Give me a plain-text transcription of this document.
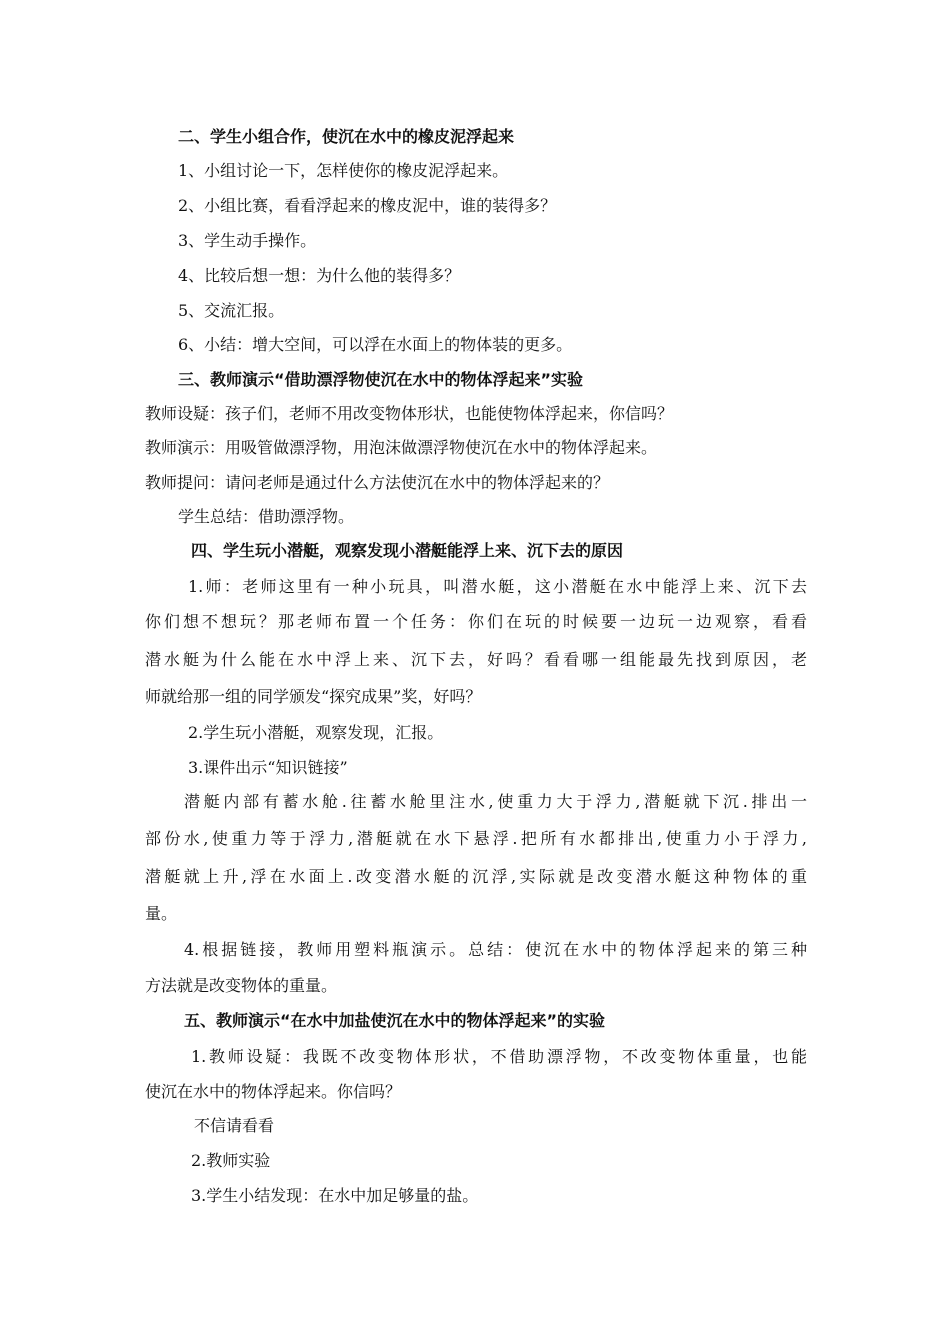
二、学生小组合作，使沉在水中的橡皮泥浮起来
1、小组讨论一下，怎样使你的橡皮泥浮起来。
2、小组比赛，看看浮起来的橡皮泥中，谁的装得多？
3、学生动手操作。
4、比较后想一想：为什么他的装得多？
5、交流汇报。
6、小结：增大空间，可以浮在水面上的物体装的更多。
三、教师演示“借助漂浮物使沉在水中的物体浮起来”实验
教师设疑：孩子们，老师不用改变物体形状，也能使物体浮起来，你信吗？
教师演示：用吸管做漂浮物，用泡沫做漂浮物使沉在水中的物体浮起来。
教师提问：请问老师是通过什么方法使沉在水中的物体浮起来的？
学生总结：借助漂浮物。
四、学生玩小潜艇，观察发现小潜艇能浮上来、沉下去的原因
1.师：老师这里有一种小玩具，叫潜水艇，这小潜艇在水中能浮上来、沉下去
你们想不想玩？那老师布置一个任务：你们在玩的时候要一边玩一边观察，看看
潜水艇为什么能在水中浮上来、沉下去，好吗？看看哪一组能最先找到原因，老
师就给那一组的同学颁发“探究成果”奖，好吗？
2.学生玩小潜艇，观察发现，汇报。
3.课件出示“知识链接”
潜艇内部有蓄水舱.往蓄水舱里注水,使重力大于浮力,潜艇就下沉.排出一
部份水,使重力等于浮力,潜艇就在水下悬浮.把所有水都排出,使重力小于浮力,
潜艇就上升,浮在水面上.改变潜水艇的沉浮,实际就是改变潜水艇这种物体的重
量。
4.根据链接，教师用塑料瓶演示。总结：使沉在水中的物体浮起来的第三种
方法就是改变物体的重量。
五、教师演示“在水中加盐使沉在水中的物体浮起来”的实验
1.教师设疑：我既不改变物体形状，不借助漂浮物，不改变物体重量，也能
使沉在水中的物体浮起来。你信吗？
不信请看看
2.教师实验
3.学生小结发现：在水中加足够量的盐。
